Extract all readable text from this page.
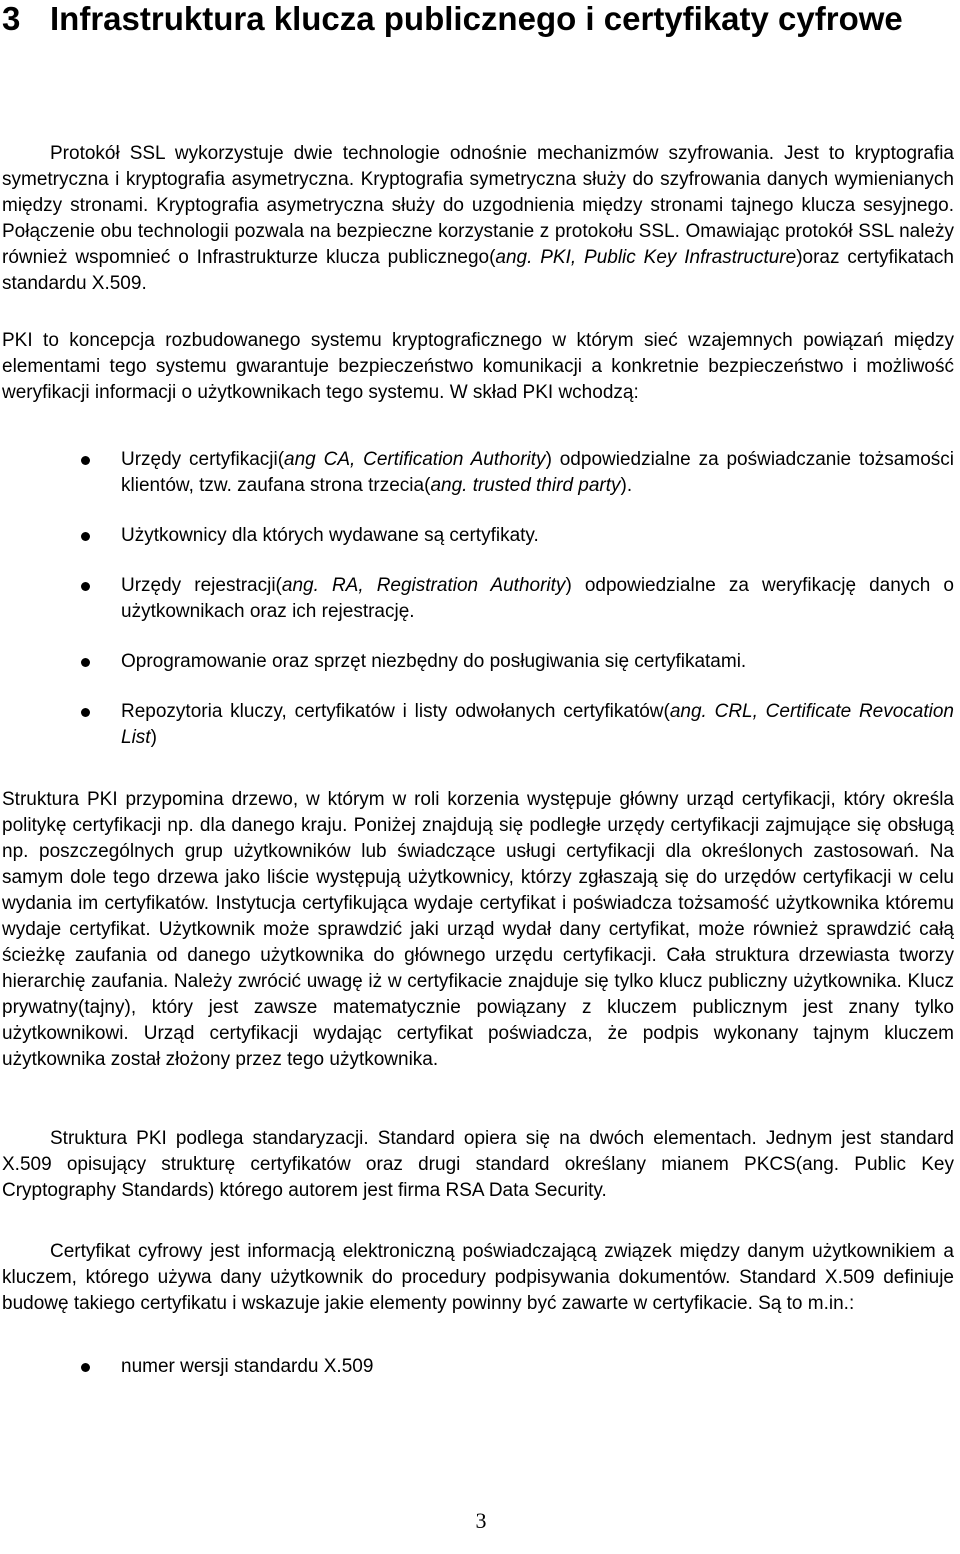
3 Infrastruktura klucza publicznego i certyfikaty cyfrowe

Protokół SSL wykorzystuje dwie technologie odnośnie mechanizmów szyfrowania. Jest to kryptografia symetryczna i kryptografia asymetryczna. Kryptografia symetryczna służy do szyfrowania danych wymienianych między stronami. Kryptografia asymetryczna służy do uzgodnienia między stronami tajnego klucza sesyjnego. Połączenie obu technologii pozwala na bezpieczne korzystanie z protokołu SSL. Omawiając protokół SSL należy również wspomnieć o Infrastrukturze klucza publicznego(ang. PKI, Public Key Infrastructure)oraz certyfikatach standardu X.509.

PKI to koncepcja rozbudowanego systemu kryptograficznego w którym sieć wzajemnych powiązań między elementami tego systemu gwarantuje bezpieczeństwo komunikacji a konkretnie bezpieczeństwo i możliwość weryfikacji informacji o użytkownikach tego systemu. W skład PKI wchodzą:

Urzędy certyfikacji(ang CA, Certification Authority) odpowiedzialne za poświadczanie tożsamości klientów, tzw. zaufana strona trzecia(ang. trusted third party).
Użytkownicy dla których wydawane są certyfikaty.
Urzędy rejestracji(ang. RA, Registration Authority) odpowiedzialne za weryfikację danych o użytkownikach oraz ich rejestrację.
Oprogramowanie oraz sprzęt niezbędny do posługiwania się certyfikatami.
Repozytoria kluczy, certyfikatów i listy odwołanych certyfikatów(ang. CRL, Certificate Revocation List)

Struktura PKI przypomina drzewo, w którym w roli korzenia występuje główny urząd certyfikacji, który określa politykę certyfikacji np. dla danego kraju. Poniżej znajdują się podległe urzędy certyfikacji zajmujące się obsługą np. poszczególnych grup użytkowników lub świadczące usługi certyfikacji dla określonych zastosowań. Na samym dole tego drzewa jako liście występują użytkownicy, którzy zgłaszają się do urzędów certyfikacji w celu wydania im certyfikatów. Instytucja certyfikująca wydaje certyfikat i poświadcza tożsamość użytkownika któremu wydaje certyfikat. Użytkownik może sprawdzić jaki urząd wydał dany certyfikat, może również sprawdzić całą ścieżkę zaufania od danego użytkownika do głównego urzędu certyfikacji. Cała struktura drzewiasta tworzy hierarchię zaufania. Należy zwrócić uwagę iż w certyfikacie znajduje się tylko klucz publiczny użytkownika. Klucz prywatny(tajny), który jest zawsze matematycznie powiązany z kluczem publicznym jest znany tylko użytkownikowi. Urząd certyfikacji wydając certyfikat poświadcza, że podpis wykonany tajnym kluczem użytkownika został złożony przez tego użytkownika.

Struktura PKI podlega standaryzacji. Standard opiera się na dwóch elementach. Jednym jest standard X.509 opisujący strukturę certyfikatów oraz drugi standard określany mianem PKCS(ang. Public Key Cryptography Standards) którego autorem jest firma RSA Data Security.

Certyfikat cyfrowy jest informacją elektroniczną poświadczającą związek między danym użytkownikiem a kluczem, którego używa dany użytkownik do procedury podpisywania dokumentów. Standard X.509 definiuje budowę takiego certyfikatu i wskazuje jakie elementy powinny być zawarte w certyfikacie. Są to m.in.:

numer wersji standardu X.509
3
